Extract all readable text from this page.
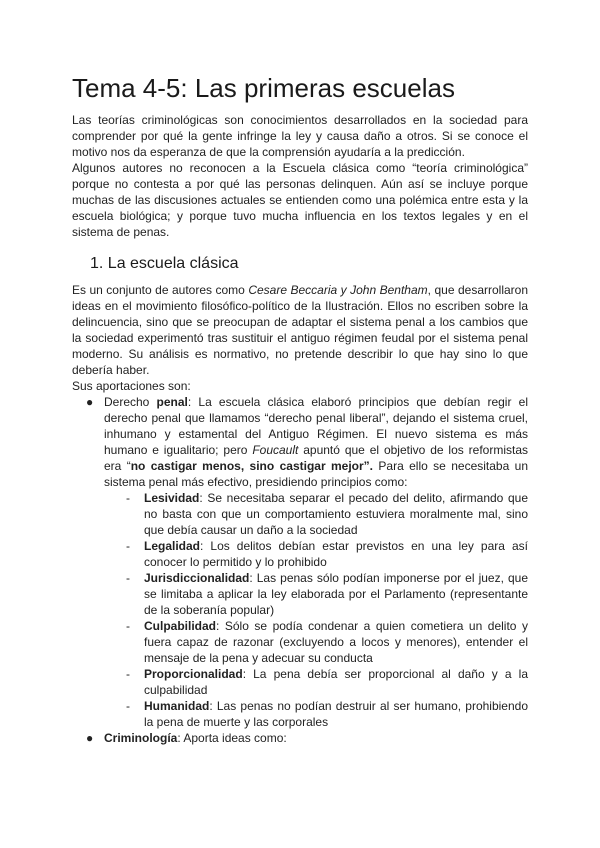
Tema 4-5: Las primeras escuelas

Las teorías criminológicas son conocimientos desarrollados en la sociedad para comprender por qué la gente infringe la ley y causa daño a otros. Si se conoce el motivo nos da esperanza de que la comprensión ayudaría a la predicción.

Algunos autores no reconocen a la Escuela clásica como “teoría criminológica” porque no contesta a por qué las personas delinquen. Aún así se incluye porque muchas de las discusiones actuales se entienden como una polémica entre esta y la escuela biológica; y porque tuvo mucha influencia en los textos legales y en el sistema de penas.

1. La escuela clásica

Es un conjunto de autores como Cesare Beccaria y John Bentham, que desarrollaron ideas en el movimiento filosófico-político de la Ilustración. Ellos no escriben sobre la delincuencia, sino que se preocupan de adaptar el sistema penal a los cambios que la sociedad experimentó tras sustituir el antiguo régimen feudal por el sistema penal moderno. Su análisis es normativo, no pretende describir lo que hay sino lo que debería haber.

Sus aportaciones son:

● Derecho penal: La escuela clásica elaboró principios que debían regir el derecho penal que llamamos “derecho penal liberal”, dejando el sistema cruel, inhumano y estamental del Antiguo Régimen. El nuevo sistema es más humano e igualitario; pero Foucault apuntó que el objetivo de los reformistas era “no castigar menos, sino castigar mejor”. Para ello se necesitaba un sistema penal más efectivo, presidiendo principios como:
- Lesividad: Se necesitaba separar el pecado del delito, afirmando que no basta con que un comportamiento estuviera moralmente mal, sino que debía causar un daño a la sociedad
- Legalidad: Los delitos debían estar previstos en una ley para así conocer lo permitido y lo prohibido
- Jurisdiccionalidad: Las penas sólo podían imponerse por el juez, que se limitaba a aplicar la ley elaborada por el Parlamento (representante de la soberanía popular)
- Culpabilidad: Sólo se podía condenar a quien cometiera un delito y fuera capaz de razonar (excluyendo a locos y menores), entender el mensaje de la pena y adecuar su conducta
- Proporcionalidad: La pena debía ser proporcional al daño y a la culpabilidad
- Humanidad: Las penas no podían destruir al ser humano, prohibiendo la pena de muerte y las corporales
● Criminología: Aporta ideas como:
